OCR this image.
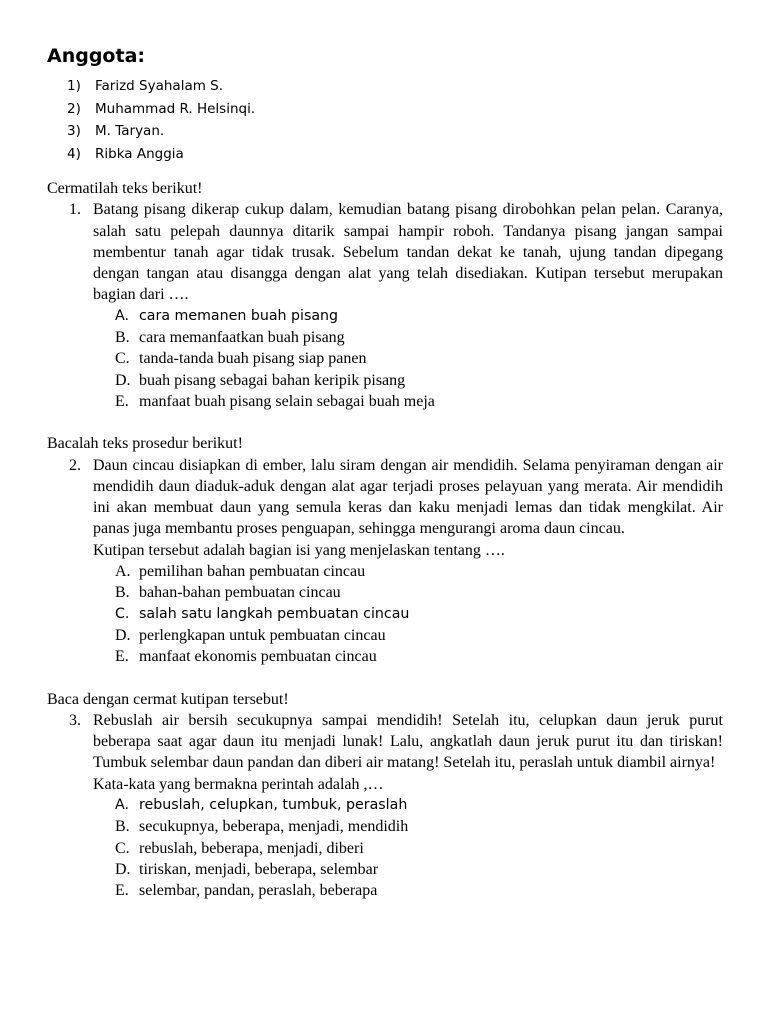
Anggota:
1)	Farizd Syahalam S.
2)	Muhammad R. Helsinqi.
3)	M. Taryan.
4)	Ribka Anggia

Cermatilah teks berikut!

1. Batang pisang dikerap cukup dalam, kemudian batang pisang dirobohkan pelan pelan. Caranya, salah satu pelepah daunnya ditarik sampai hampir roboh. Tandanya pisang jangan sampai membentur tanah agar tidak trusak. Sebelum tandan dekat ke tanah, ujung tandan dipegang dengan tangan atau disangga dengan alat yang telah disediakan. Kutipan tersebut merupakan bagian dari ….

A. cara memanen buah pisang
B. cara memanfaatkan buah pisang
C. tanda-tanda buah pisang siap panen
D. buah pisang sebagai bahan keripik pisang
E. manfaat buah pisang selain sebagai buah meja

Bacalah teks prosedur berikut!

2. Daun cincau disiapkan di ember, lalu siram dengan air mendidih. Selama penyiraman dengan air mendidih daun diaduk-aduk dengan alat agar terjadi proses pelayuan yang merata. Air mendidih ini akan membuat daun yang semula keras dan kaku menjadi lemas dan tidak mengkilat. Air panas juga membantu proses penguapan, sehingga mengurangi aroma daun cincau.

Kutipan tersebut adalah bagian isi yang menjelaskan tentang ….

A. pemilihan bahan pembuatan cincau
B. bahan-bahan pembuatan cincau
C. salah satu langkah pembuatan cincau
D. perlengkapan untuk pembuatan cincau
E. manfaat ekonomis pembuatan cincau

Baca dengan cermat kutipan tersebut!

3. Rebuslah air bersih secukupnya sampai mendidih! Setelah itu, celupkan daun jeruk purut beberapa saat agar daun itu menjadi lunak! Lalu, angkatlah daun jeruk purut itu dan tiriskan! Tumbuk selembar daun pandan dan diberi air matang! Setelah itu, peraslah untuk diambil airnya!

Kata-kata yang bermakna perintah adalah ,…

A. rebuslah, celupkan, tumbuk, peraslah
B. secukupnya, beberapa, menjadi, mendidih
C. rebuslah, beberapa, menjadi, diberi
D. tiriskan, menjadi, beberapa, selembar
E. selembar, pandan, peraslah, beberapa
